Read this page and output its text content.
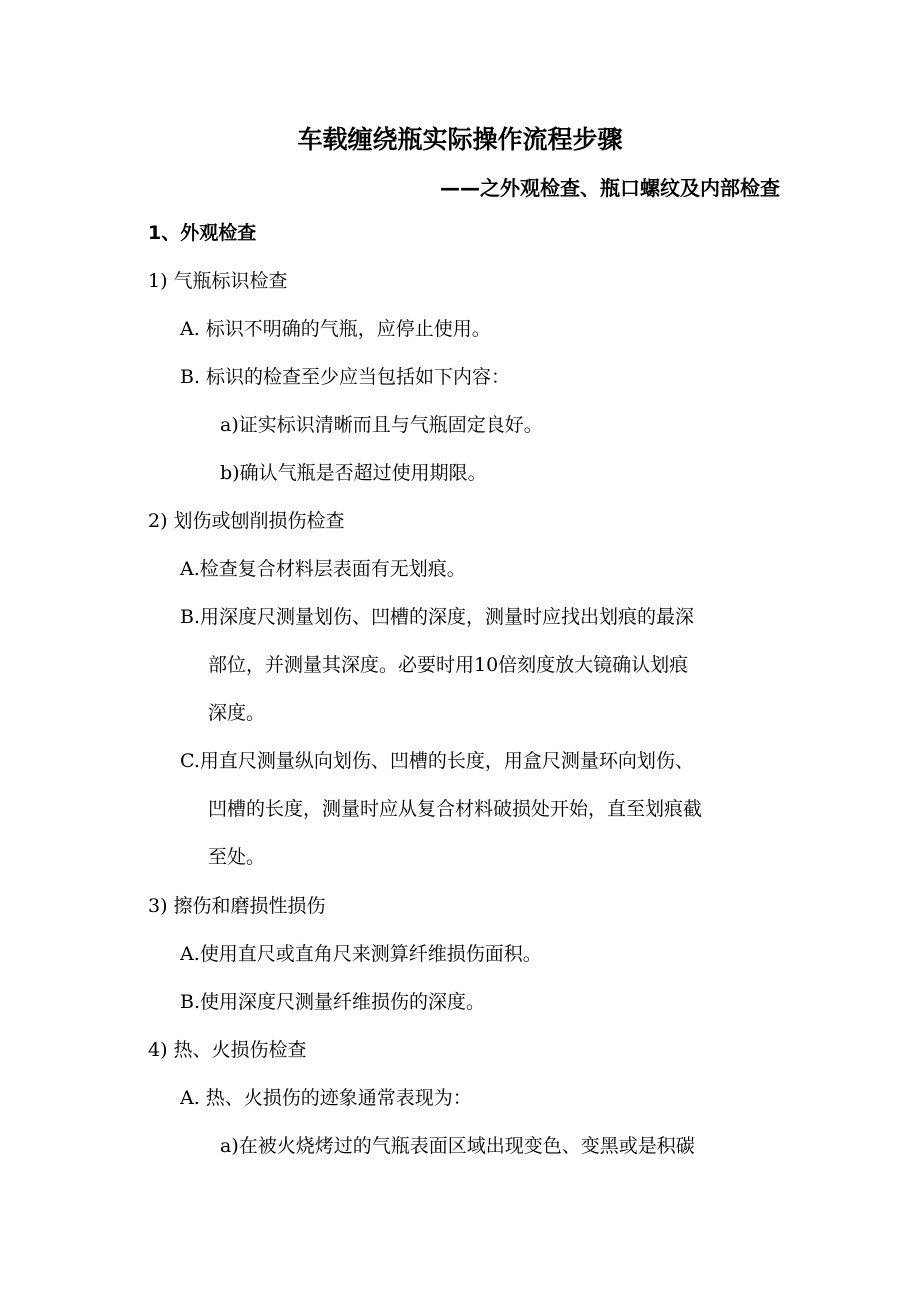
车载缠绕瓶实际操作流程步骤
——之外观检查、瓶口螺纹及内部检查
1、外观检查
1) 气瓶标识检查
A. 标识不明确的气瓶，应停止使用。
B. 标识的检查至少应当包括如下内容：
a)证实标识清晰而且与气瓶固定良好。
b)确认气瓶是否超过使用期限。
2) 划伤或刨削损伤检查
A.检查复合材料层表面有无划痕。
B.用深度尺测量划伤、凹槽的深度，测量时应找出划痕的最深
部位，并测量其深度。必要时用10倍刻度放大镜确认划痕
深度。
C.用直尺测量纵向划伤、凹槽的长度，用盒尺测量环向划伤、
凹槽的长度，测量时应从复合材料破损处开始，直至划痕截
至处。
3) 擦伤和磨损性损伤
A.使用直尺或直角尺来测算纤维损伤面积。
B.使用深度尺测量纤维损伤的深度。
4) 热、火损伤检查
A. 热、火损伤的迹象通常表现为：
a)在被火烧烤过的气瓶表面区域出现变色、变黑或是积碳
